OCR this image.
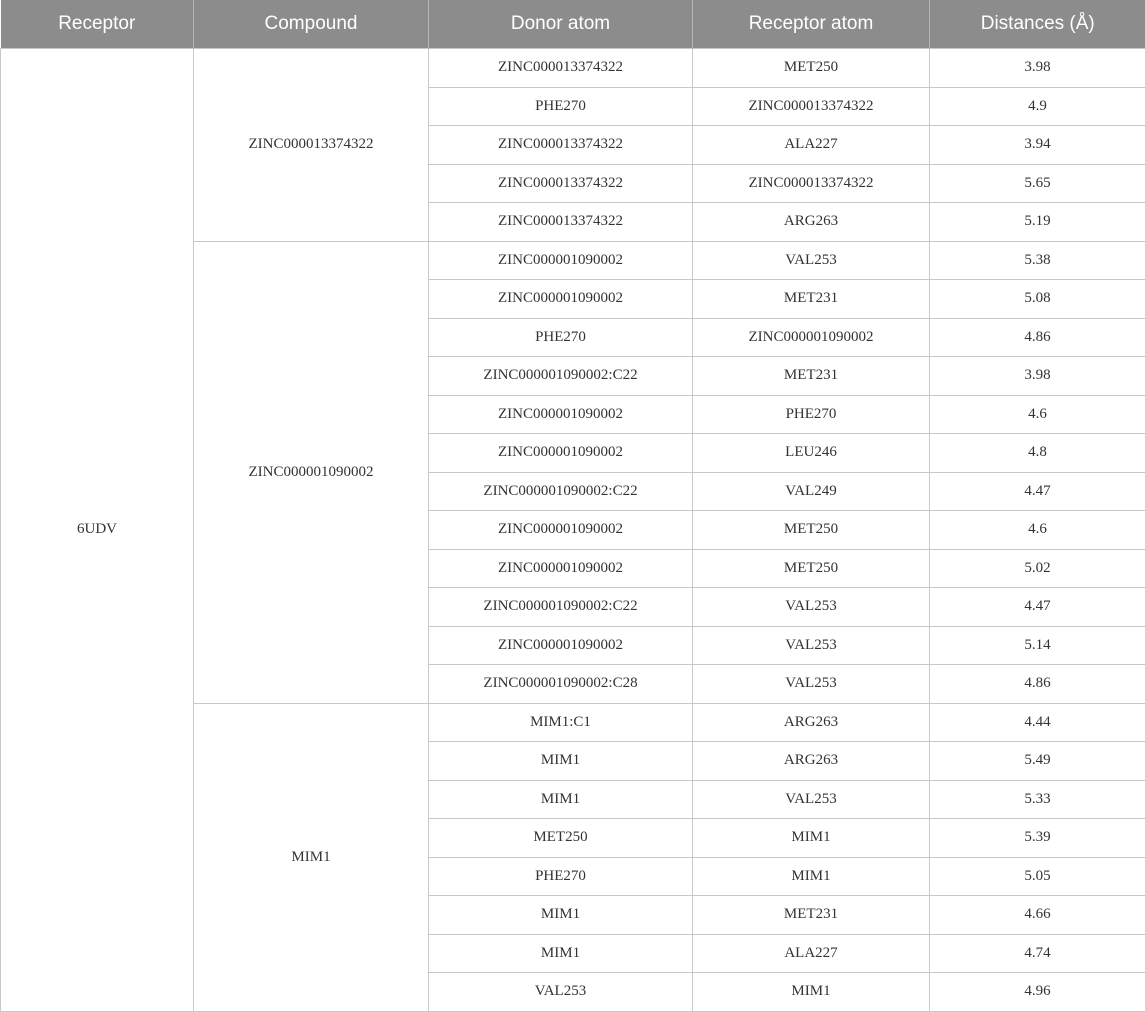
Receptor	Compound	Donor atom	Receptor atom	Distances (Å)
6UDV	ZINC000013374322	ZINC000013374322	MET250	3.98
		PHE270	ZINC000013374322	4.9
		ZINC000013374322	ALA227	3.94
		ZINC000013374322	ZINC000013374322	5.65
		ZINC000013374322	ARG263	5.19
	ZINC000001090002	ZINC000001090002	VAL253	5.38
		ZINC000001090002	MET231	5.08
		PHE270	ZINC000001090002	4.86
		ZINC000001090002:C22	MET231	3.98
		ZINC000001090002	PHE270	4.6
		ZINC000001090002	LEU246	4.8
		ZINC000001090002:C22	VAL249	4.47
		ZINC000001090002	MET250	4.6
		ZINC000001090002	MET250	5.02
		ZINC000001090002:C22	VAL253	4.47
		ZINC000001090002	VAL253	5.14
		ZINC000001090002:C28	VAL253	4.86
	MIM1	MIM1:C1	ARG263	4.44
		MIM1	ARG263	5.49
		MIM1	VAL253	5.33
		MET250	MIM1	5.39
		PHE270	MIM1	5.05
		MIM1	MET231	4.66
		MIM1	ALA227	4.74
		VAL253	MIM1	4.96
